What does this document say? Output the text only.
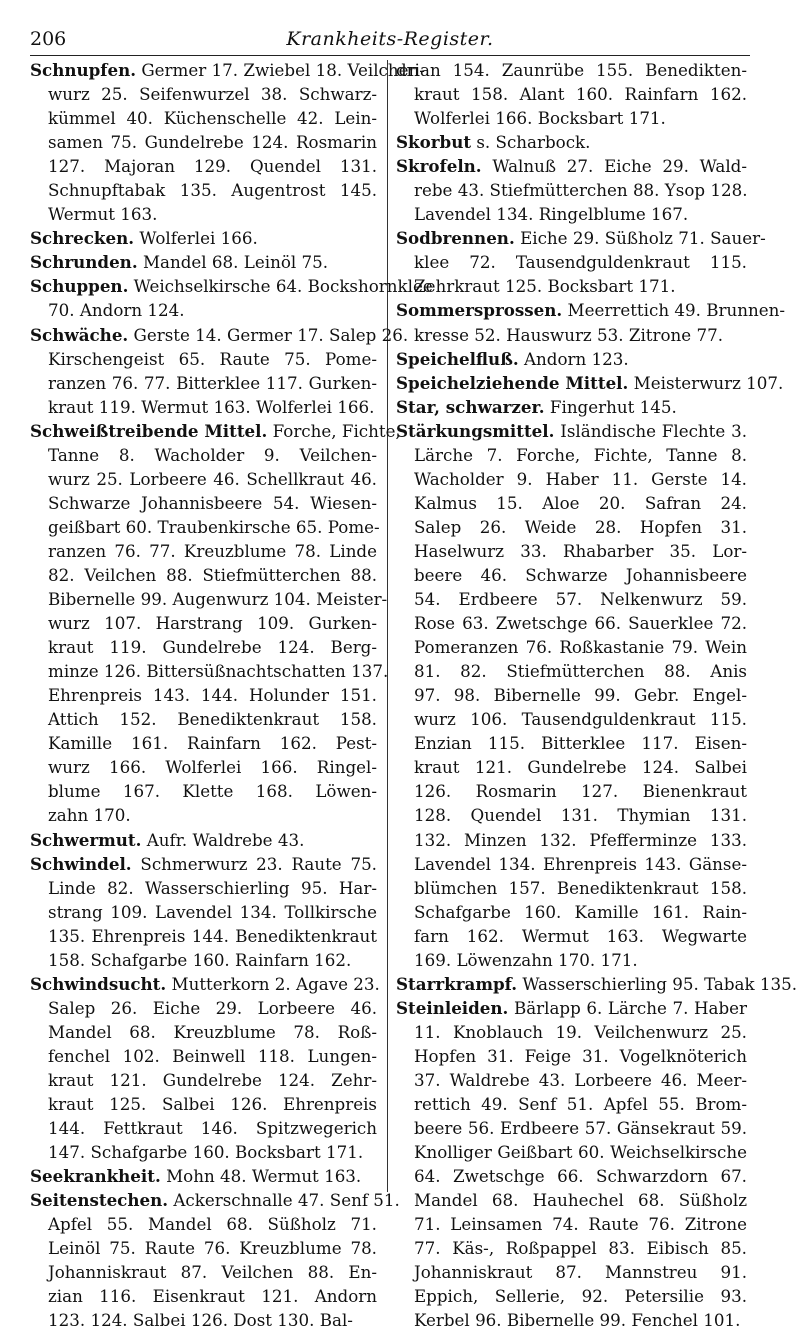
206	Krankheits-Register.
Schnupfen. Germer 17. Zwiebel 18. Veilchen-
wurz 25. Seifenwurzel 38. Schwarz-
kümmel 40. Küchenschelle 42. Lein-
samen 75. Gundelrebe 124. Rosmarin
127. Majoran 129. Quendel 131.
Schnupftabak 135. Augentrost 145.
Wermut 163.
Schrecken. Wolferlei 166.
Schrunden. Mandel 68. Leinöl 75.
Schuppen. Weichselkirsche 64. Bockshornklee
70. Andorn 124.
Schwäche. Gerste 14. Germer 17. Salep 26.
Kirschengeist 65. Raute 75. Pome-
ranzen 76. 77. Bitterklee 117. Gurken-
kraut 119. Wermut 163. Wolferlei 166.
Schweißtreibende Mittel. Forche, Fichte,
Tanne 8. Wacholder 9. Veilchen-
wurz 25. Lorbeere 46. Schellkraut 46.
Schwarze Johannisbeere 54. Wiesen-
geißbart 60. Traubenkirsche 65. Pome-
ranzen 76. 77. Kreuzblume 78. Linde
82. Veilchen 88. Stiefmütterchen 88.
Bibernelle 99. Augenwurz 104. Meister-
wurz 107. Harstrang 109. Gurken-
kraut 119. Gundelrebe 124. Berg-
minze 126. Bittersüßnachtschatten 137.
Ehrenpreis 143. 144. Holunder 151.
Attich 152. Benediktenkraut 158.
Kamille 161. Rainfarn 162. Pest-
wurz 166. Wolferlei 166. Ringel-
blume 167. Klette 168. Löwen-
zahn 170.
Schwermut. Aufr. Waldrebe 43.
Schwindel. Schmerwurz 23. Raute 75.
Linde 82. Wasserschierling 95. Har-
strang 109. Lavendel 134. Tollkirsche
135. Ehrenpreis 144. Benediktenkraut
158. Schafgarbe 160. Rainfarn 162.
Schwindsucht. Mutterkorn 2. Agave 23.
Salep 26. Eiche 29. Lorbeere 46.
Mandel 68. Kreuzblume 78. Roß-
fenchel 102. Beinwell 118. Lungen-
kraut 121. Gundelrebe 124. Zehr-
kraut 125. Salbei 126. Ehrenpreis
144. Fettkraut 146. Spitzwegerich
147. Schafgarbe 160. Bocksbart 171.
Seekrankheit. Mohn 48. Wermut 163.
Seitenstechen. Ackerschnalle 47. Senf 51.
Apfel 55. Mandel 68. Süßholz 71.
Leinöl 75. Raute 76. Kreuzblume 78.
Johanniskraut 87. Veilchen 88. En-
zian 116. Eisenkraut 121. Andorn
123. 124. Salbei 126. Dost 130. Bal-
drian 154. Zaunrübe 155. Benedikten-
kraut 158. Alant 160. Rainfarn 162.
Wolferlei 166. Bocksbart 171.
Skorbut s. Scharbock.
Skrofeln. Walnuß 27. Eiche 29. Wald-
rebe 43. Stiefmütterchen 88. Ysop 128.
Lavendel 134. Ringelblume 167.
Sodbrennen. Eiche 29. Süßholz 71. Sauer-
klee 72. Tausendguldenkraut 115.
Zehrkraut 125. Bocksbart 171.
Sommersprossen. Meerrettich 49. Brunnen-
kresse 52. Hauswurz 53. Zitrone 77.
Speichelfluß. Andorn 123.
Speichelziehende Mittel. Meisterwurz 107.
Star, schwarzer. Fingerhut 145.
Stärkungsmittel. Isländische Flechte 3.
Lärche 7. Forche, Fichte, Tanne 8.
Wacholder 9. Haber 11. Gerste 14.
Kalmus 15. Aloe 20. Safran 24.
Salep 26. Weide 28. Hopfen 31.
Haselwurz 33. Rhabarber 35. Lor-
beere 46. Schwarze Johannisbeere
54. Erdbeere 57. Nelkenwurz 59.
Rose 63. Zwetschge 66. Sauerklee 72.
Pomeranzen 76. Roßkastanie 79. Wein
81. 82. Stiefmütterchen 88. Anis
97. 98. Bibernelle 99. Gebr. Engel-
wurz 106. Tausendguldenkraut 115.
Enzian 115. Bitterklee 117. Eisen-
kraut 121. Gundelrebe 124. Salbei
126. Rosmarin 127. Bienenkraut
128. Quendel 131. Thymian 131.
132. Minzen 132. Pfefferminze 133.
Lavendel 134. Ehrenpreis 143. Gänse-
blümchen 157. Benediktenkraut 158.
Schafgarbe 160. Kamille 161. Rain-
farn 162. Wermut 163. Wegwarte
169. Löwenzahn 170. 171.
Starrkrampf. Wasserschierling 95. Tabak 135.
Steinleiden. Bärlapp 6. Lärche 7. Haber
11. Knoblauch 19. Veilchenwurz 25.
Hopfen 31. Feige 31. Vogelknöterich
37. Waldrebe 43. Lorbeere 46. Meer-
rettich 49. Senf 51. Apfel 55. Brom-
beere 56. Erdbeere 57. Gänsekraut 59.
Knolliger Geißbart 60. Weichselkirsche
64. Zwetschge 66. Schwarzdorn 67.
Mandel 68. Hauhechel 68. Süßholz
71. Leinsamen 74. Raute 76. Zitrone
77. Käs-, Roßpappel 83. Eibisch 85.
Johanniskraut 87. Mannstreu 91.
Eppich, Sellerie, 92. Petersilie 93.
Kerbel 96. Bibernelle 99. Fenchel 101.
